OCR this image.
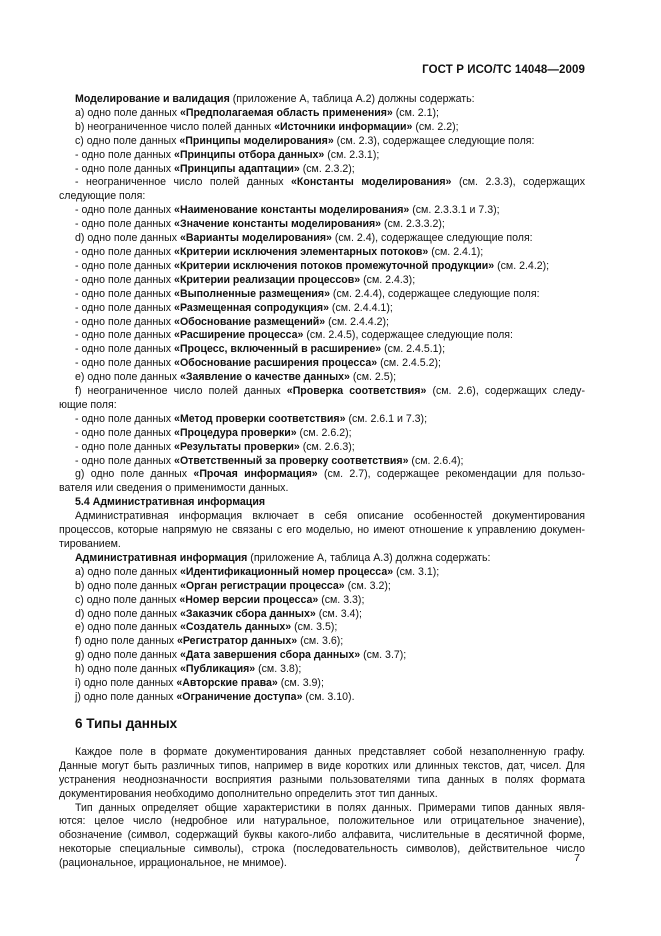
ГОСТ Р ИСО/ТС 14048—2009
Моделирование и валидация (приложение А, таблица А.2) должны содержать:
а) одно поле данных «Предполагаемая область применения» (см. 2.1);
b) неограниченное число полей данных «Источники информации» (см. 2.2);
c) одно поле данных «Принципы моделирования» (см. 2.3), содержащее следующие поля:
- одно поле данных «Принципы отбора данных» (см. 2.3.1);
- одно поле данных «Принципы адаптации» (см. 2.3.2);
- неограниченное число полей данных «Константы моделирования» (см. 2.3.3), содержащих
следующие поля:
- одно поле данных «Наименование константы моделирования» (см. 2.3.3.1 и 7.3);
- одно поле данных «Значение константы моделирования» (см. 2.3.3.2);
d) одно поле данных «Варианты моделирования» (см. 2.4), содержащее следующие поля:
- одно поле данных «Критерии исключения элементарных потоков» (см. 2.4.1);
- одно поле данных «Критерии исключения потоков промежуточной продукции» (см. 2.4.2);
- одно поле данных «Критерии реализации процессов» (см. 2.4.3);
- одно поле данных «Выполненные размещения» (см. 2.4.4), содержащее следующие поля:
- одно поле данных «Размещенная сопродукция» (см. 2.4.4.1);
- одно поле данных «Обоснование размещений» (см. 2.4.4.2);
- одно поле данных «Расширение процесса» (см. 2.4.5), содержащее следующие поля:
- одно поле данных «Процесс, включенный в расширение» (см. 2.4.5.1);
- одно поле данных «Обоснование расширения процесса» (см. 2.4.5.2);
e) одно поле данных «Заявление о качестве данных» (см. 2.5);
f) неограниченное число полей данных «Проверка соответствия» (см. 2.6), содержащих следу-
ющие поля:
- одно поле данных «Метод проверки соответствия» (см. 2.6.1 и 7.3);
- одно поле данных «Процедура проверки» (см. 2.6.2);
- одно поле данных «Результаты проверки» (см. 2.6.3);
- одно поле данных «Ответственный за проверку соответствия» (см. 2.6.4);
g) одно поле данных «Прочая информация» (см. 2.7), содержащее рекомендации для пользо-
вателя или сведения о применимости данных.
5.4 Административная информация
Административная информация включает в себя описание особенностей документирования
процессов, которые напрямую не связаны с его моделью, но имеют отношение к управлению докумен-
тированием.
Административная информация (приложение А, таблица А.3) должна содержать:
а) одно поле данных «Идентификационный номер процесса» (см. 3.1);
b) одно поле данных «Орган регистрации процесса» (см. 3.2);
c) одно поле данных «Номер версии процесса» (см. 3.3);
d) одно поле данных «Заказчик сбора данных» (см. 3.4);
e) одно поле данных «Создатель данных» (см. 3.5);
f) одно поле данных «Регистратор данных» (см. 3.6);
g) одно поле данных «Дата завершения сбора данных» (см. 3.7);
h) одно поле данных «Публикация» (см. 3.8);
i) одно поле данных «Авторские права» (см. 3.9);
j) одно поле данных «Ограничение доступа» (см. 3.10).
6 Типы данных
Каждое поле в формате документирования данных представляет собой незаполненную графу.
Данные могут быть различных типов, например в виде коротких или длинных текстов, дат, чисел. Для
устранения неоднозначности восприятия разными пользователями типа данных в полях формата
документирования необходимо дополнительно определить этот тип данных.
Тип данных определяет общие характеристики в полях данных. Примерами типов данных явля-
ются: целое число (недробное или натуральное, положительное или отрицательное значение),
обозначение (символ, содержащий буквы какого-либо алфавита, числительные в десятичной форме,
некоторые специальные символы), строка (последовательность символов), действительное число
(рациональное, иррациональное, не мнимое).	7
